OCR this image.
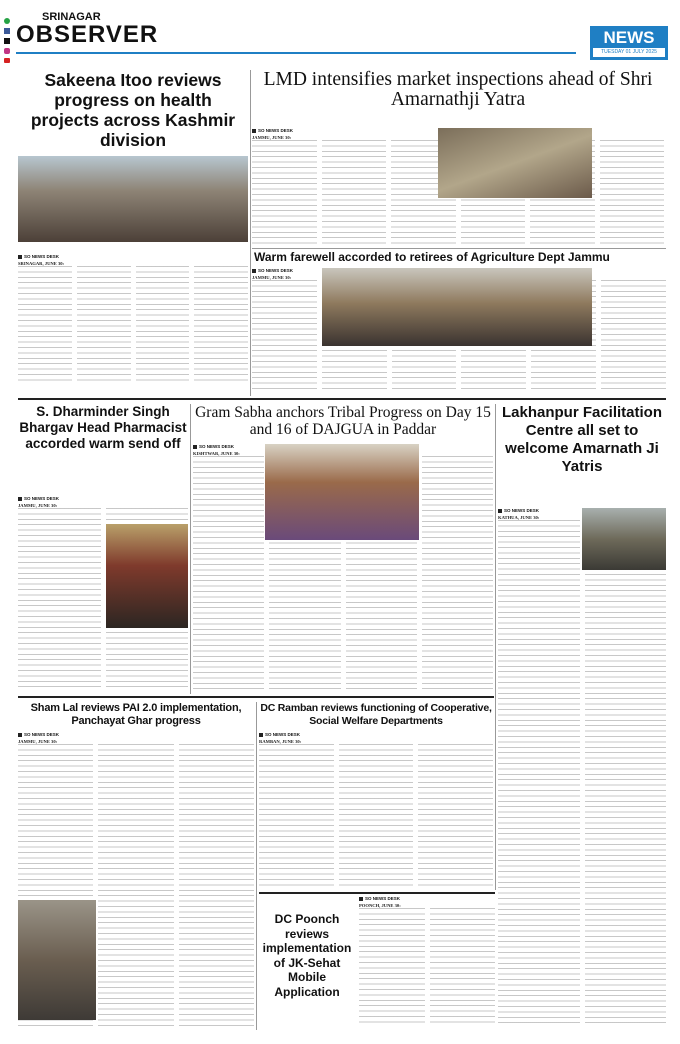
SRINAGAR
OBSERVER	NEWS
TUESDAY 01 JULY 2025
Sakeena Itoo reviews progress on health projects across Kashmir division
LMD intensifies market inspections ahead of Shri Amarnathji Yatra
SO NEWS DESK
JAMMU, JUNE 30:
SO NEWS DESK
SRINAGAR, JUNE 30:	Warm farewell accorded to retirees of Agriculture Dept Jammu
SO NEWS DESK
JAMMU, JUNE 30:
S. Dharminder Singh Bhargav Head Pharmacist accorded warm send off
SO NEWS DESK
JAMMU, JUNE 30:
Gram Sabha anchors Tribal Progress on Day 15 and 16 of DAJGUA in Paddar
SO NEWS DESK
KISHTWAR, JUNE 30:
Lakhanpur Facilitation Centre all set to welcome Amarnath Ji Yatris
SO NEWS DESK
KATHUA, JUNE 30:
Sham Lal reviews PAI 2.0 implementation, Panchayat Ghar progress
SO NEWS DESK
JAMMU, JUNE 30:
DC Ramban reviews functioning of Cooperative, Social Welfare Departments
SO NEWS DESK
RAMBAN, JUNE 30:
DC Poonch reviews implementation of JK-Sehat Mobile Application
SO NEWS DESK
POONCH, JUNE 30:
